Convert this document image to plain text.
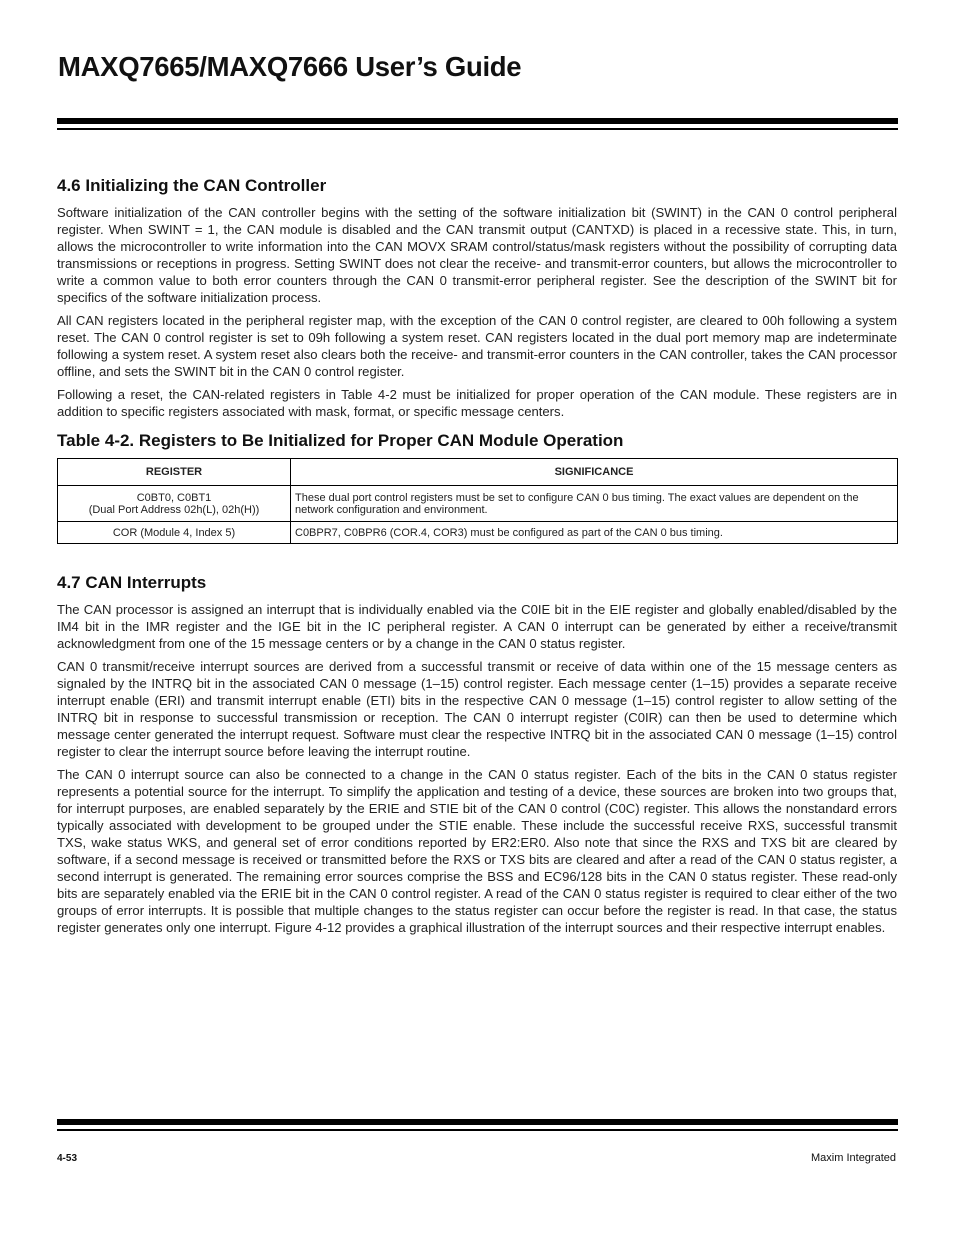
MAXQ7665/MAXQ7666 User’s Guide
4.6 Initializing the CAN Controller

Software initialization of the CAN controller begins with the setting of the software initialization bit (SWINT) in the CAN 0 control peripheral register. When SWINT = 1, the CAN module is disabled and the CAN transmit output (CANTXD) is placed in a recessive state. This, in turn, allows the microcontroller to write information into the CAN MOVX SRAM control/status/mask registers without the possibility of corrupting data transmissions or receptions in progress. Setting SWINT does not clear the receive- and transmit-error counters, but allows the microcontroller to write a common value to both error counters through the CAN 0 transmit-error peripheral register. See the description of the SWINT bit for specifics of the software initialization process.

All CAN registers located in the peripheral register map, with the exception of the CAN 0 control register, are cleared to 00h following a system reset. The CAN 0 control register is set to 09h following a system reset. CAN registers located in the dual port memory map are indeterminate following a system reset. A system reset also clears both the receive- and transmit-error counters in the CAN controller, takes the CAN processor offline, and sets the SWINT bit in the CAN 0 control register.

Following a reset, the CAN-related registers in Table 4-2 must be initialized for proper operation of the CAN module. These registers are in addition to specific registers associated with mask, format, or specific message centers.

Table 4-2. Registers to Be Initialized for Proper CAN Module Operation
REGISTER	SIGNIFICANCE
C0BT0, C0BT1
(Dual Port Address 02h(L), 02h(H))	These dual port control registers must be set to configure CAN 0 bus timing. The exact values are dependent on the network configuration and environment.
COR (Module 4, Index 5)	C0BPR7, C0BPR6 (COR.4, COR3) must be configured as part of the CAN 0 bus timing.
4.7 CAN Interrupts

The CAN processor is assigned an interrupt that is individually enabled via the C0IE bit in the EIE register and globally enabled/disabled by the IM4 bit in the IMR register and the IGE bit in the IC peripheral register. A CAN 0 interrupt can be generated by either a receive/transmit acknowledgment from one of the 15 message centers or by a change in the CAN 0 status register.

CAN 0 transmit/receive interrupt sources are derived from a successful transmit or receive of data within one of the 15 message centers as signaled by the INTRQ bit in the associated CAN 0 message (1–15) control register. Each message center (1–15) provides a separate receive interrupt enable (ERI) and transmit interrupt enable (ETI) bits in the respective CAN 0 message (1–15) control register to allow setting of the INTRQ bit in response to successful transmission or reception. The CAN 0 interrupt register (C0IR) can then be used to determine which message center generated the interrupt request. Software must clear the respective INTRQ bit in the associated CAN 0 message (1–15) control register to clear the interrupt source before leaving the interrupt routine.

The CAN 0 interrupt source can also be connected to a change in the CAN 0 status register. Each of the bits in the CAN 0 status register represents a potential source for the interrupt. To simplify the application and testing of a device, these sources are broken into two groups that, for interrupt purposes, are enabled separately by the ERIE and STIE bit of the CAN 0 control (C0C) register. This allows the nonstandard errors typically associated with development to be grouped under the STIE enable. These include the successful receive RXS, successful transmit TXS, wake status WKS, and general set of error conditions reported by ER2:ER0. Also note that since the RXS and TXS bit are cleared by software, if a second message is received or transmitted before the RXS or TXS bits are cleared and after a read of the CAN 0 status register, a second interrupt is generated. The remaining error sources comprise the BSS and EC96/128 bits in the CAN 0 status register. These read-only bits are separately enabled via the ERIE bit in the CAN 0 control register. A read of the CAN 0 status register is required to clear either of the two groups of error interrupts. It is possible that multiple changes to the status register can occur before the register is read. In that case, the status register generates only one interrupt. Figure 4-12 provides a graphical illustration of the interrupt sources and their respective interrupt enables.

4-53	Maxim Integrated
